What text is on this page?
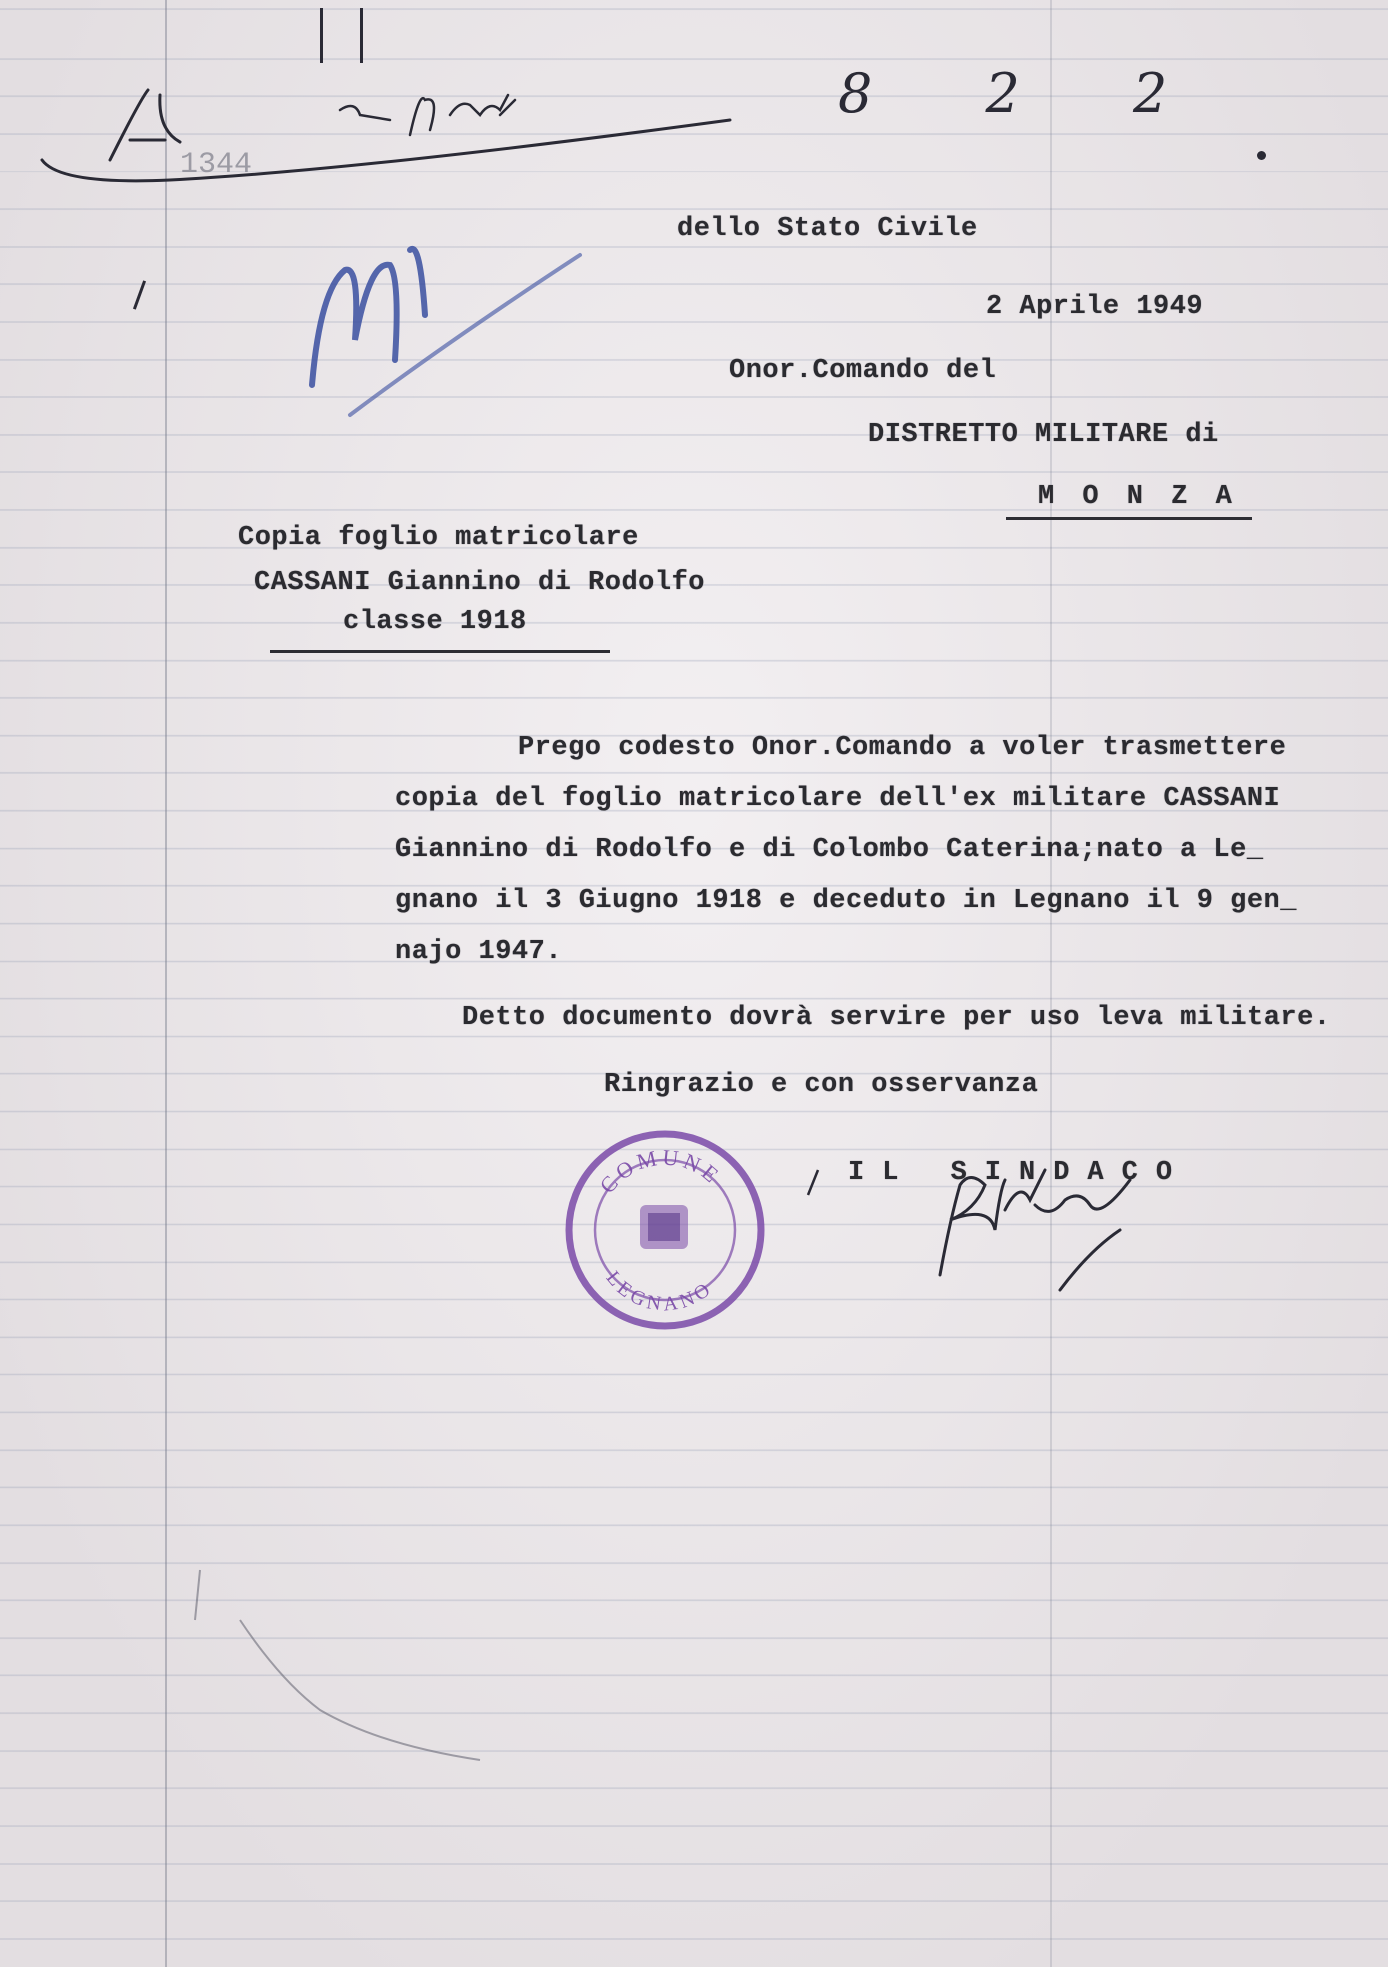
1344
8 2 2
dello Stato Civile
2 Aprile 1949
Onor.Comando del
DISTRETTO MILITARE di
M O N Z A
Copia foglio matricolare
CASSANI Giannino di Rodolfo
classe 1918
Prego codesto Onor.Comando a voler trasmettere
copia del foglio matricolare dell'ex militare CASSANI
Giannino di Rodolfo e di Colombo Caterina;nato a Le_
gnano il 3 Giugno 1918 e deceduto in Legnano il 9 gen_
najo 1947.
Detto documento dovrà servire per uso leva militare.
Ringrazio e con osservanza
IL SINDACO
COMUNE
LEGNANO
